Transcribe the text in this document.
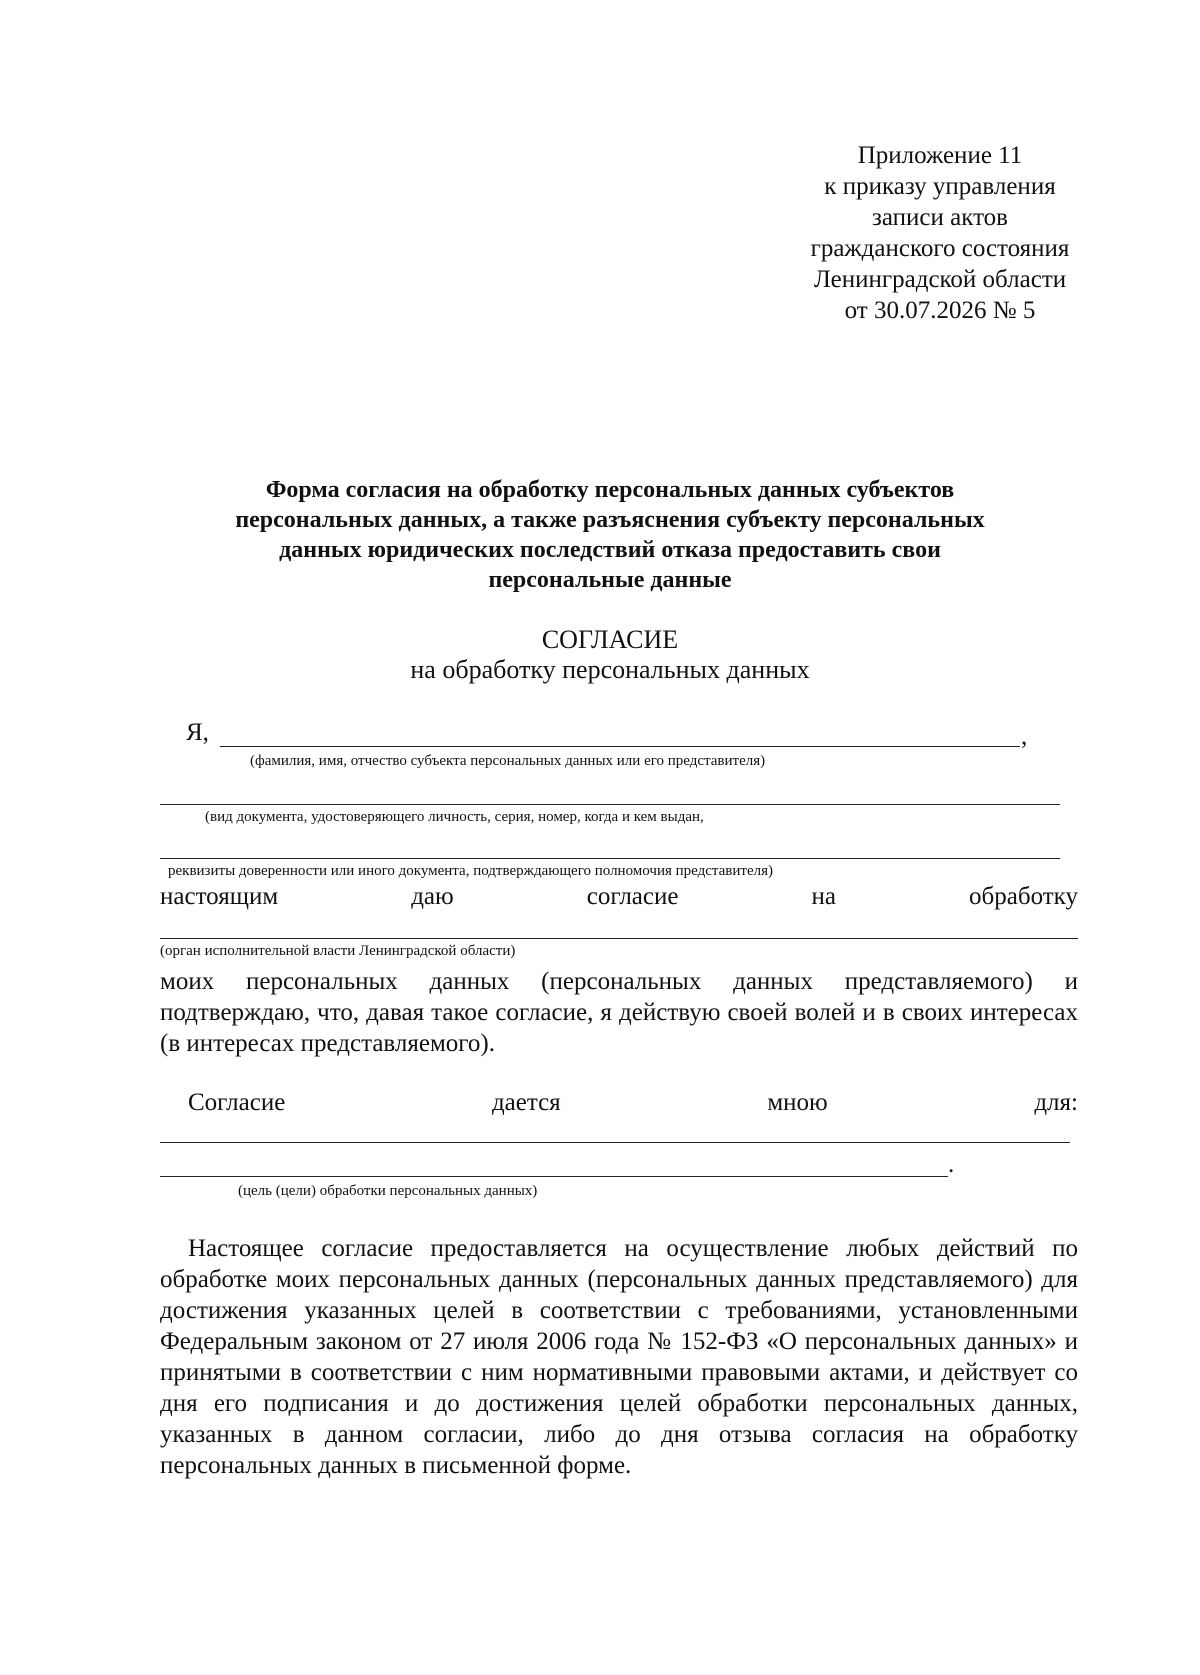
Приложение 11
к приказу управления
записи актов
гражданского состояния
Ленинградской области
от 30.07.2026 № 5
Форма согласия на обработку персональных данных субъектов
персональных данных, а также разъяснения субъекту персональных
данных юридических последствий отказа предоставить свои
персональные данные
СОГЛАСИЕ
на обработку персональных данных
Я,	,
(фамилия, имя, отчество субъекта персональных данных или его представителя)
(вид документа, удостоверяющего личность, серия, номер, когда и кем выдан,
реквизиты доверенности или иного документа, подтверждающего полномочия представителя)
настоящим	даю	согласие	на	обработку
(орган исполнительной власти Ленинградской области)
моих персональных данных (персональных данных представляемого) и подтверждаю, что, давая такое согласие, я действую своей волей и в своих интересах (в интересах представляемого).
Согласие	дается	мною	для:
.
(цель (цели) обработки персональных данных)
Настоящее согласие предоставляется на осуществление любых действий по обработке моих персональных данных (персональных данных представляемого) для достижения указанных целей в соответствии с требованиями, установленными Федеральным законом от 27 июля 2006 года № 152-ФЗ «О персональных данных» и принятыми в соответствии с ним нормативными правовыми актами, и действует со дня его подписания и до достижения целей обработки персональных данных, указанных в данном согласии, либо до дня отзыва согласия на обработку персональных данных в письменной форме.
